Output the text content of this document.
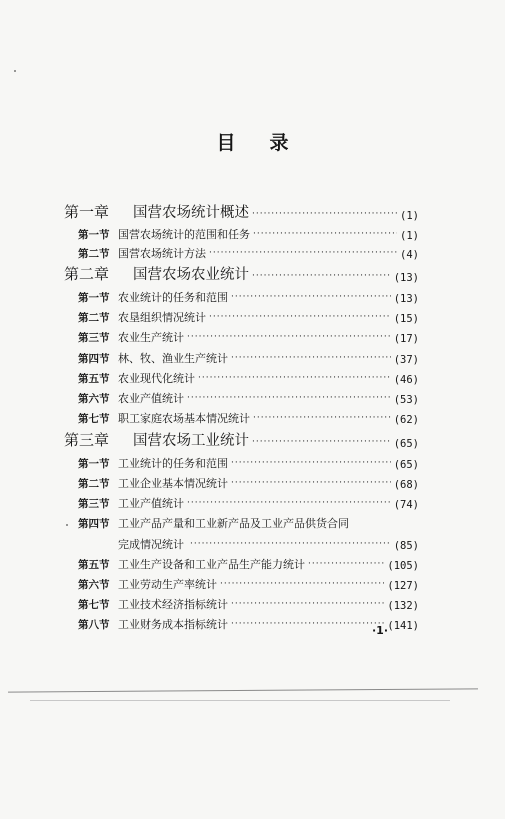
目 录
第一章	国营农场统计概述 ·····	(1)
第一节 国营农场统计的范围和任务 ·····	(1)
第二节 国营农场统计方法 ·····	(4)
第二章	国营农场农业统计 ·····	(13)
第一节 农业统计的任务和范围 ·····	(13)
第二节 农垦组织情况统计 ·····	(15)
第三节 农业生产统计 ·····	(17)
第四节 林、牧、渔业生产统计 ·····	(37)
第五节 农业现代化统计 ·····	(46)
第六节 农业产值统计 ·····	(53)
第七节 职工家庭农场基本情况统计 ·····	(62)
第三章	国营农场工业统计 ·····	(65)
第一节 工业统计的任务和范围 ·····	(65)
第二节 工业企业基本情况统计 ·····	(68)
第三节 工业产值统计 ·····	(74)
第四节 工业产品产量和工业新产品及工业产品供货合同
完成情况统计 ·····	(85)
第五节 工业生产设备和工业产品生产能力统计 ·····	(105)
第六节 工业劳动生产率统计 ·····	(127)
第七节 工业技术经济指标统计 ·····	(132)
第八节 工业财务成本指标统计 ·····	(141)
·1·
